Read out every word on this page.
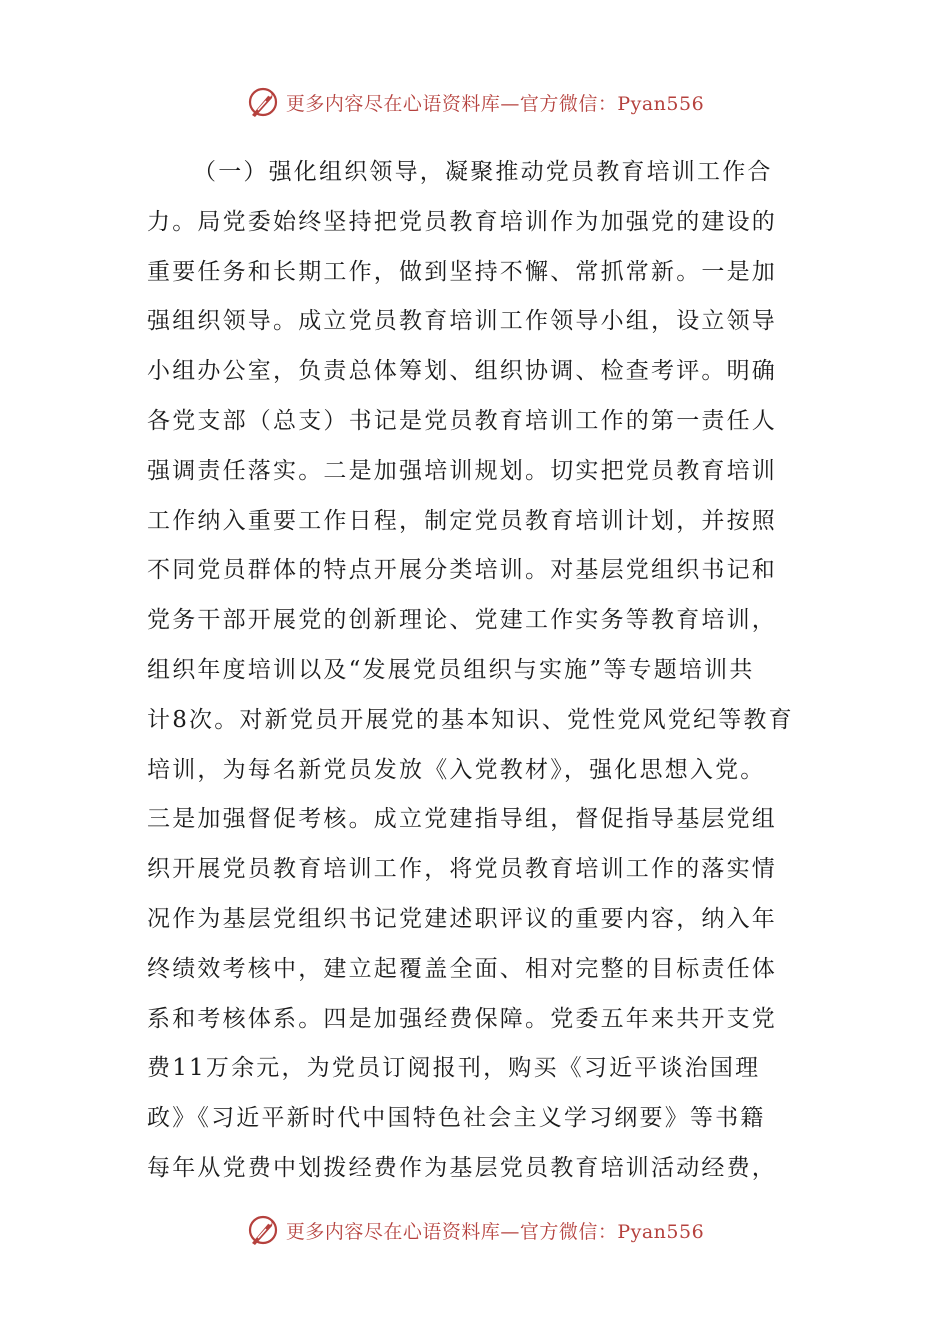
更多内容尽在心语资料库—官方微信：Pyan556
（一）强化组织领导，凝聚推动党员教育培训工作合
力。局党委始终坚持把党员教育培训作为加强党的建设的
重要任务和长期工作，做到坚持不懈、常抓常新。一是加
强组织领导。成立党员教育培训工作领导小组，设立领导
小组办公室，负责总体筹划、组织协调、检查考评。明确
各党支部（总支）书记是党员教育培训工作的第一责任人
强调责任落实。二是加强培训规划。切实把党员教育培训
工作纳入重要工作日程，制定党员教育培训计划，并按照
不同党员群体的特点开展分类培训。对基层党组织书记和
党务干部开展党的创新理论、党建工作实务等教育培训，
组织年度培训以及“发展党员组织与实施”等专题培训共
计8次。对新党员开展党的基本知识、党性党风党纪等教育
培训，为每名新党员发放《入党教材》，强化思想入党。
三是加强督促考核。成立党建指导组，督促指导基层党组
织开展党员教育培训工作，将党员教育培训工作的落实情
况作为基层党组织书记党建述职评议的重要内容，纳入年
终绩效考核中，建立起覆盖全面、相对完整的目标责任体
系和考核体系。四是加强经费保障。党委五年来共开支党
费11万余元，为党员订阅报刊，购买《习近平谈治国理
政》《习近平新时代中国特色社会主义学习纲要》等书籍
每年从党费中划拨经费作为基层党员教育培训活动经费，
更多内容尽在心语资料库—官方微信：Pyan556
